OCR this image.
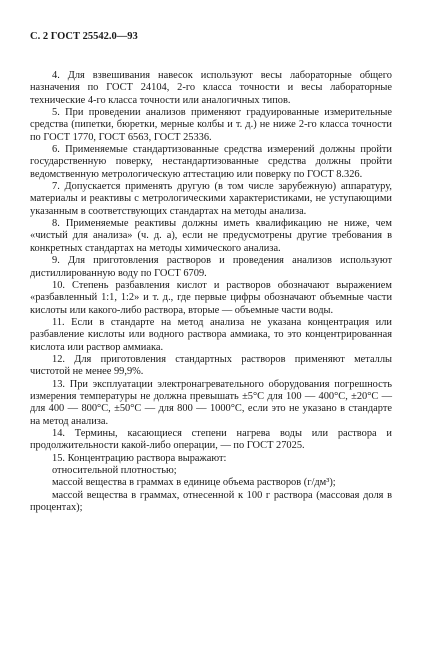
С. 2 ГОСТ 25542.0—93

4. Для взвешивания навесок используют весы лабораторные общего назначения по ГОСТ 24104, 2-го класса точности и весы лабораторные технические 4-го класса точности или аналогичных типов.

5. При проведении анализов применяют градуированные измерительные средства (пипетки, бюретки, мерные колбы и т. д.) не ниже 2-го класса точности по ГОСТ 1770, ГОСТ 6563, ГОСТ 25336.

6. Применяемые стандартизованные средства измерений должны пройти государственную поверку, нестандартизованные средства должны пройти ведомственную метрологическую аттестацию или поверку по ГОСТ 8.326.

7. Допускается применять другую (в том числе зарубежную) аппаратуру, материалы и реактивы с метрологическими характеристиками, не уступающими указанным в соответствующих стандартах на методы анализа.

8. Применяемые реактивы должны иметь квалификацию не ниже, чем «чистый для анализа» (ч. д. а), если не предусмотрены другие требования в конкретных стандартах на методы химического анализа.

9. Для приготовления растворов и проведения анализов используют дистиллированную воду по ГОСТ 6709.

10. Степень разбавления кислот и растворов обозначают выражением «разбавленный 1:1, 1:2» и т. д., где первые цифры обозначают объемные части кислоты или какого-либо раствора, вторые — объемные части воды.

11. Если в стандарте на метод анализа не указана концентрация или разбавление кислоты или водного раствора аммиака, то это концентрированная кислота или раствор аммиака.

12. Для приготовления стандартных растворов применяют металлы чистотой не менее 99,9%.

13. При эксплуатации электронагревательного оборудования погрешность измерения температуры не должна превышать ±5°С для 100 — 400°С, ±20°С — для 400 — 800°С, ±50°С — для 800 — 1000°С, если это не указано в стандарте на метод анализа.

14. Термины, касающиеся степени нагрева воды или раствора и продолжительности какой-либо операции, — по ГОСТ 27025.

15. Концентрацию раствора выражают:

относительной плотностью;

массой вещества в граммах в единице объема растворов (г/дм³);

массой вещества в граммах, отнесенной к 100 г раствора (массовая доля в процентах);
